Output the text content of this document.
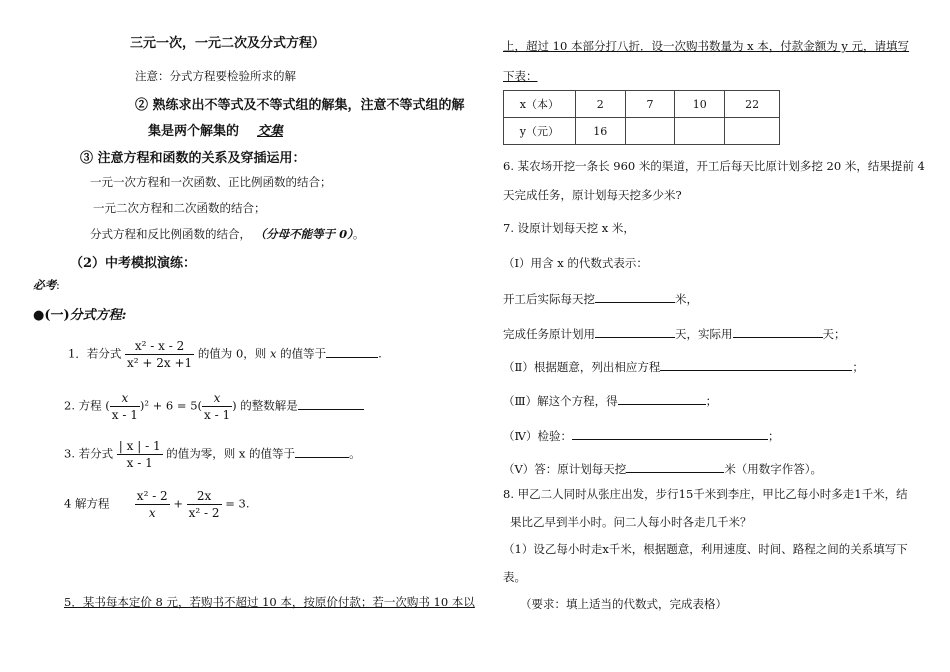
三元一次，一元二次及分式方程）
注意：分式方程要检验所求的解
② 熟练求出不等式及不等式组的解集，注意不等式组的解
集是两个解集的 交集
③ 注意方程和函数的关系及穿插运用：
一元一次方程和一次函数、正比例函数的结合；
一元二次方程和二次函数的结合；
分式方程和反比例函数的结合， （分母不能等于 0）。
（2）中考模拟演练：
必考:
●(一)分式方程:
1．若分式 $\frac{\text{x² - x - 2}}{\text{x² + 2x +1}}$ 的值为 0，则 x 的值等于	.
2. 方程 ( $\frac{x}{x - 1} )^2 + 6 = 5( \frac{x}{x - 1}$ ) 的整数解是
3. 若分式 $\frac{| x | - 1}{x - 1}$ 的值为零，则 x 的值等于	。
4 解方程 $\frac{\text{x² - 2}}{x} + \frac{2x}{\text{x² - 2}} = 3$.
5．某书每本定价 8 元，若购书不超过 10 本，按原价付款；若一次购书 10 本以
上，超过 10 本部分打八折．设一次购书数量为 x 本，付款金额为 y 元，请填写
下表：
x（本）	2	7	10	22
y（元）	16			
6. 某农场开挖一条长 960 米的渠道，开工后每天比原计划多挖 20 米，结果提前 4
天完成任务，原计划每天挖多少米?
7. 设原计划每天挖 x 米，
（Ⅰ）用含 x 的代数式表示：
开工后实际每天挖	米，
完成任务原计划用	天，实际用	天；
（Ⅱ）根据题意，列出相应方程	；
（Ⅲ）解这个方程，得	；
（Ⅳ）检验：	；
（Ⅴ）答：原计划每天挖	米（用数字作答）。
8. 甲乙二人同时从张庄出发，步行15千米到李庄，甲比乙每小时多走1千米，结
果比乙早到半小时。问二人每小时各走几千米？
（1）设乙每小时走x千米，根据题意，利用速度、时间、路程之间的关系填写下
表。
（要求：填上适当的代数式，完成表格）
